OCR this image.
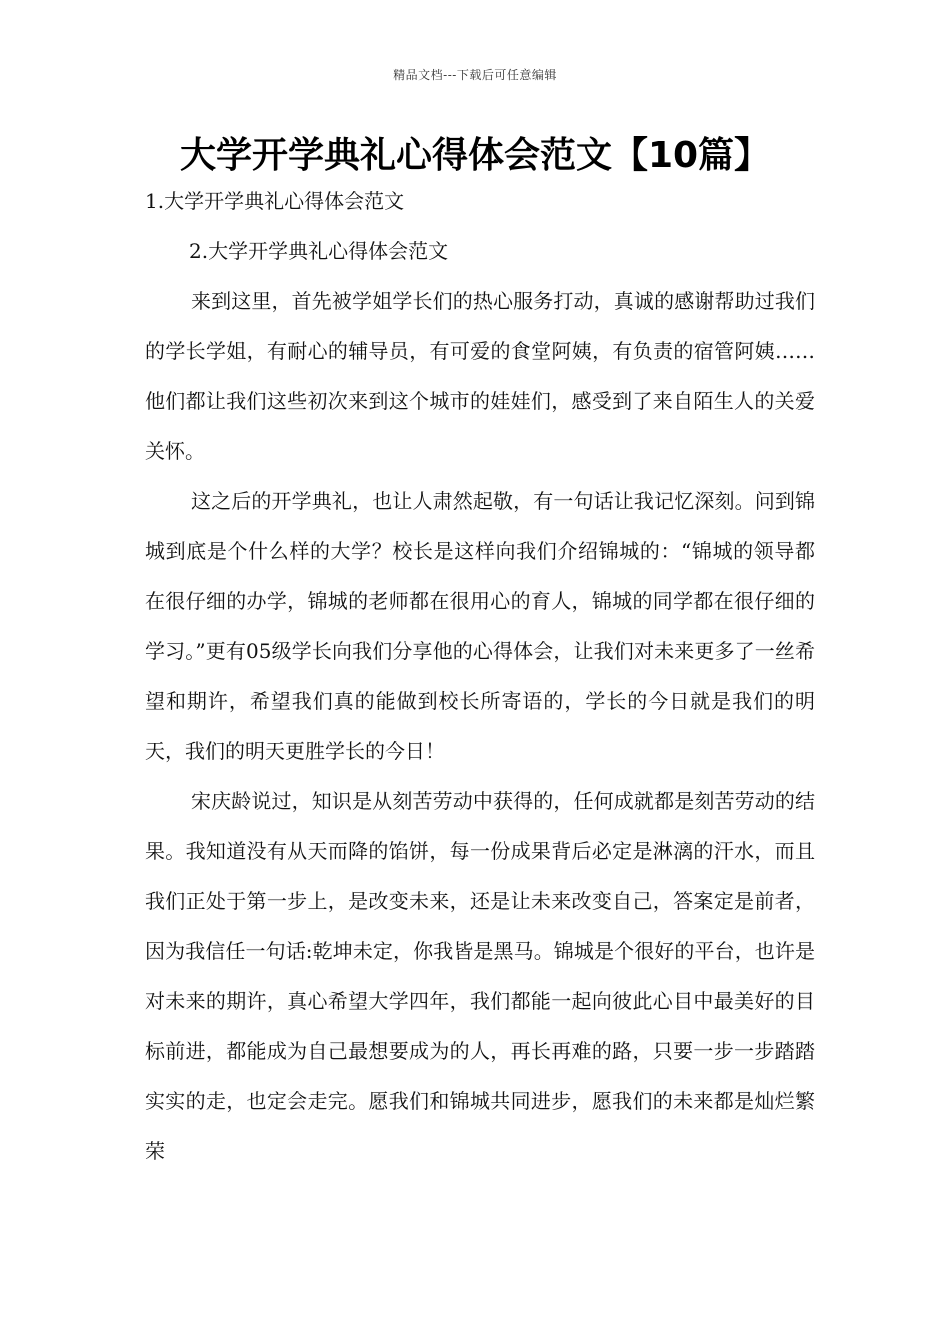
精品文档---下载后可任意编辑
大学开学典礼心得体会范文【10篇】

1.大学开学典礼心得体会范文

2.大学开学典礼心得体会范文

来到这里，首先被学姐学长们的热心服务打动，真诚的感谢帮助过我们的学长学姐，有耐心的辅导员，有可爱的食堂阿姨，有负责的宿管阿姨……他们都让我们这些初次来到这个城市的娃娃们，感受到了来自陌生人的关爱关怀。

这之后的开学典礼，也让人肃然起敬，有一句话让我记忆深刻。问到锦城到底是个什么样的大学？校长是这样向我们介绍锦城的：“锦城的领导都在很仔细的办学，锦城的老师都在很用心的育人，锦城的同学都在很仔细的学习。”更有05级学长向我们分享他的心得体会，让我们对未来更多了一丝希望和期许，希望我们真的能做到校长所寄语的，学长的今日就是我们的明天，我们的明天更胜学长的今日！

宋庆龄说过，知识是从刻苦劳动中获得的，任何成就都是刻苦劳动的结果。我知道没有从天而降的馅饼，每一份成果背后必定是淋漓的汗水，而且我们正处于第一步上，是改变未来，还是让未来改变自己，答案定是前者，因为我信任一句话:乾坤未定，你我皆是黑马。锦城是个很好的平台，也许是对未来的期许，真心希望大学四年，我们都能一起向彼此心目中最美好的目标前进，都能成为自己最想要成为的人，再长再难的路，只要一步一步踏踏实实的走，也定会走完。愿我们和锦城共同进步，愿我们的未来都是灿烂繁荣
